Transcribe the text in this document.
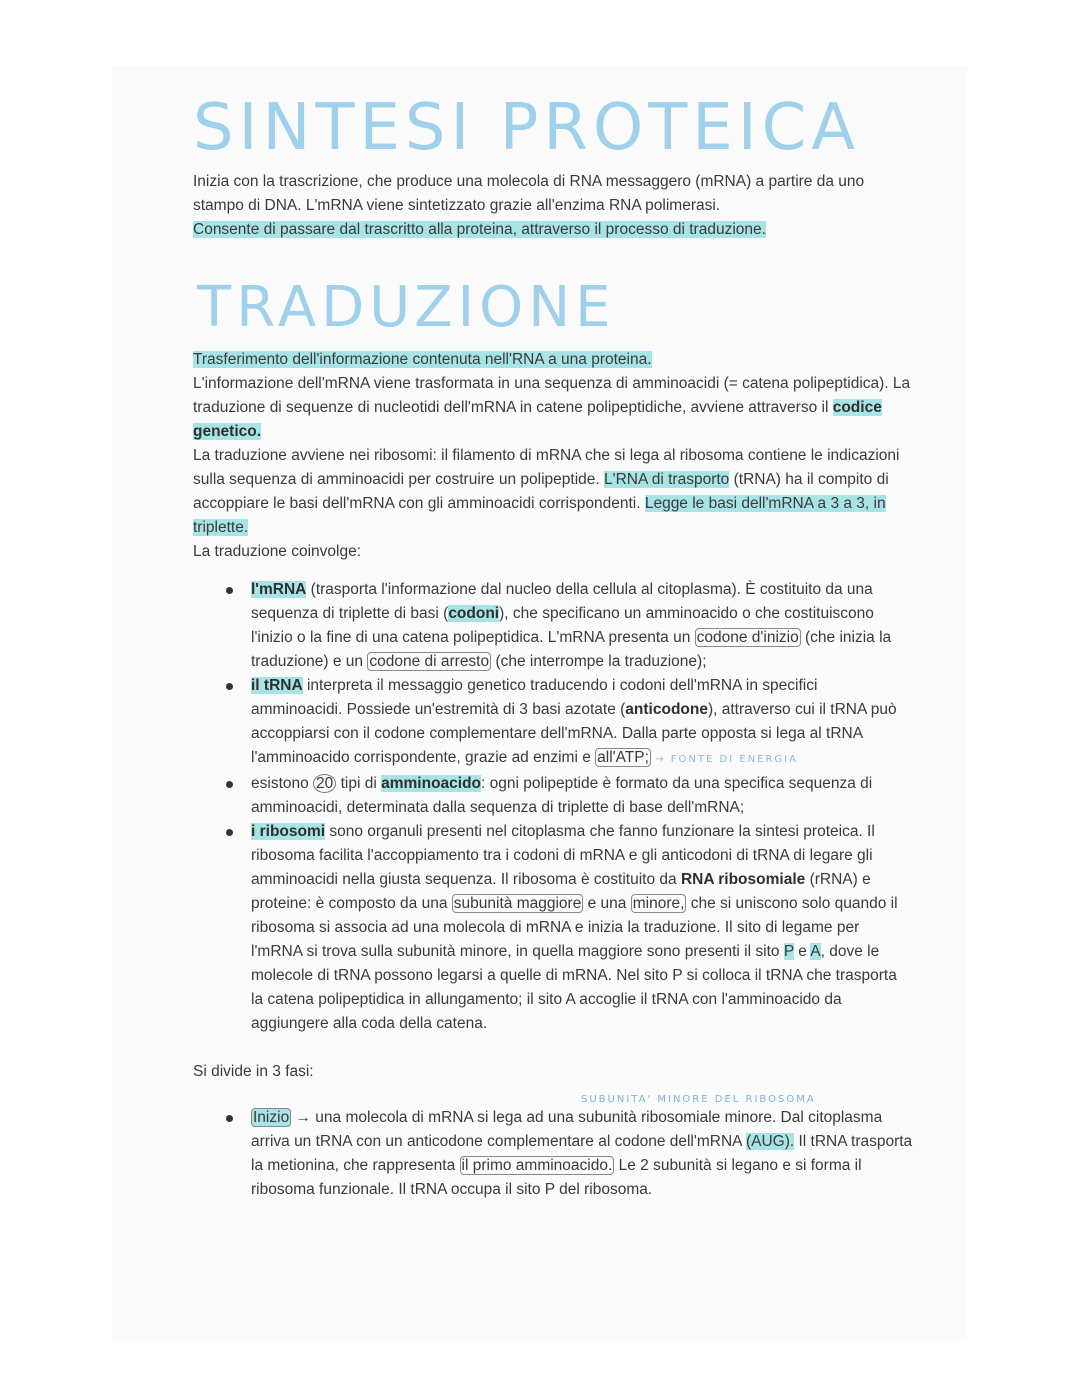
SINTESI PROTEICA

Inizia con la trascrizione, che produce una molecola di RNA messaggero (mRNA) a partire da uno stampo di DNA. L'mRNA viene sintetizzato grazie all'enzima RNA polimerasi.

Consente di passare dal trascritto alla proteina, attraverso il processo di traduzione.

TRADUZIONE

Trasferimento dell'informazione contenuta nell'RNA a una proteina.

L'informazione dell'mRNA viene trasformata in una sequenza di amminoacidi (= catena polipeptidica). La traduzione di sequenze di nucleotidi dell'mRNA in catene polipeptidiche, avviene attraverso il codice genetico.

La traduzione avviene nei ribosomi: il filamento di mRNA che si lega al ribosoma contiene le indicazioni sulla sequenza di amminoacidi per costruire un polipeptide. L'RNA di trasporto (tRNA) ha il compito di accoppiare le basi dell'mRNA con gli amminoacidi corrispondenti. Legge le basi dell'mRNA a 3 a 3, in triplette.

La traduzione coinvolge:

l'mRNA (trasporta l'informazione dal nucleo della cellula al citoplasma). È costituito da una sequenza di triplette di basi (codoni), che specificano un amminoacido o che costituiscono l'inizio o la fine di una catena polipeptidica. L'mRNA presenta un codone d'inizio (che inizia la traduzione) e un codone di arresto (che interrompe la traduzione);
il tRNA interpreta il messaggio genetico traducendo i codoni dell'mRNA in specifici amminoacidi. Possiede un'estremità di 3 basi azotate (anticodone), attraverso cui il tRNA può accoppiarsi con il codone complementare dell'mRNA. Dalla parte opposta si lega al tRNA l'amminoacido corrispondente, grazie ad enzimi e all'ATP; → FONTE DI ENERGIA
esistono 20 tipi di amminoacido: ogni polipeptide è formato da una specifica sequenza di amminoacidi, determinata dalla sequenza di triplette di base dell'mRNA;
i ribosomi sono organuli presenti nel citoplasma che fanno funzionare la sintesi proteica. Il ribosoma facilita l'accoppiamento tra i codoni di mRNA e gli anticodoni di tRNA di legare gli amminoacidi nella giusta sequenza. Il ribosoma è costituito da RNA ribosomiale (rRNA) e proteine: è composto da una subunità maggiore e una minore, che si uniscono solo quando il ribosoma si associa ad una molecola di mRNA e inizia la traduzione. Il sito di legame per l'mRNA si trova sulla subunità minore, in quella maggiore sono presenti il sito P e A, dove le molecole di tRNA possono legarsi a quelle di mRNA. Nel sito P si colloca il tRNA che trasporta la catena polipeptidica in allungamento; il sito A accoglie il tRNA con l'amminoacido da aggiungere alla coda della catena.

Si divide in 3 fasi:

SUBUNITA' MINORE DEL RIBOSOMA
Inizio → una molecola di mRNA si lega ad una subunità ribosomiale minore. Dal citoplasma arriva un tRNA con un anticodone complementare al codone dell'mRNA (AUG). Il tRNA trasporta la metionina, che rappresenta il primo amminoacido. Le 2 subunità si legano e si forma il ribosoma funzionale. Il tRNA occupa il sito P del ribosoma.
